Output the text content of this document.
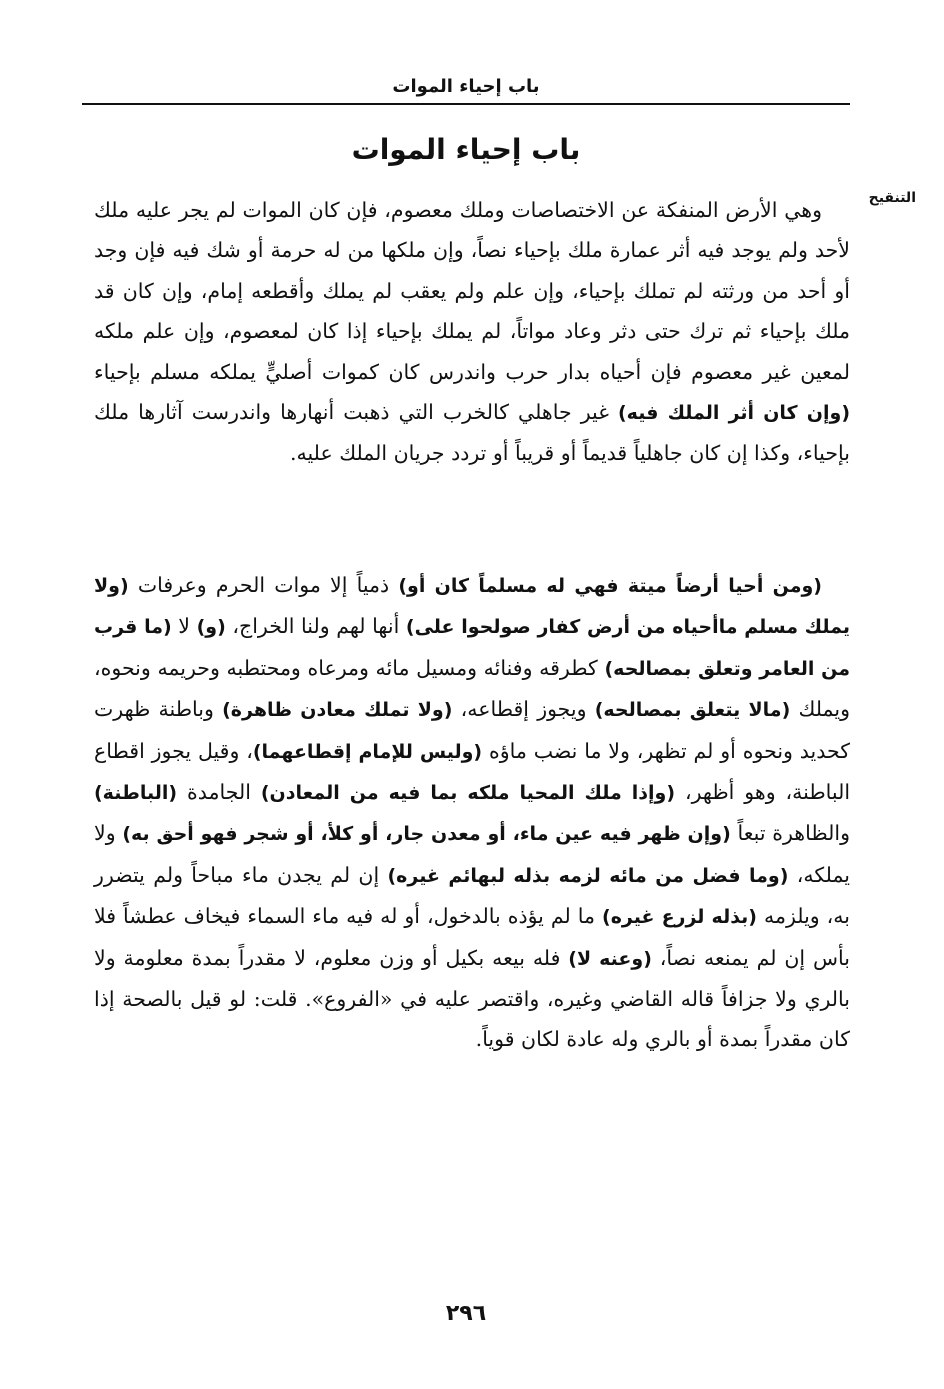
باب إحياء الموات
باب إحياء الموات
التنقيح
وهي الأرض المنفكة عن الاختصاصات وملك معصوم، فإن كان الموات لم يجر عليه ملك لأحد ولم يوجد فيه أثر عمارة ملك بإحياء نصاً، وإن ملكها من له حرمة أو شك فيه فإن وجد أو أحد من ورثته لم تملك بإحياء، وإن علم ولم يعقب لم يملك وأقطعه إمام، وإن كان قد ملك بإحياء ثم ترك حتى دثر وعاد مواتاً، لم يملك بإحياء إذا كان لمعصوم، وإن علم ملكه لمعين غير معصوم فإن أحياه بدار حرب واندرس كان كموات أصليٍّ يملكه مسلم بإحياء (وإن كان أثر الملك فيه) غير جاهلي كالخرب التي ذهبت أنهارها واندرست آثارها ملك بإحياء، وكذا إن كان جاهلياً قديماً أو قريباً أو تردد جريان الملك عليه.
(ومن أحيا أرضاً ميتة فهي له مسلماً كان أو) ذمياً إلا موات الحرم وعرفات (ولا يملك مسلم ماأحياه من أرض كفار صولحوا على) أنها لهم ولنا الخراج، (و) لا (ما قرب من العامر وتعلق بمصالحه) كطرقه وفنائه ومسيل مائه ومرعاه ومحتطبه وحريمه ونحوه، ويملك (مالا يتعلق بمصالحه) ويجوز إقطاعه، (ولا تملك معادن ظاهرة) وباطنة ظهرت كحديد ونحوه أو لم تظهر، ولا ما نضب ماؤه (وليس للإمام إقطاعهما)، وقيل يجوز اقطاع الباطنة، وهو أظهر، (وإذا ملك المحيا ملكه بما فيه من المعادن) الجامدة (الباطنة) والظاهرة تبعاً (وإن ظهر فيه عين ماء، أو معدن جار، أو كلأ، أو شجر فهو أحق به) ولا يملكه، (وما فضل من مائه لزمه بذله لبهائم غيره) إن لم يجدن ماء مباحاً ولم يتضرر به، ويلزمه (بذله لزرع غيره) ما لم يؤذه بالدخول، أو له فيه ماء السماء فيخاف عطشاً فلا بأس إن لم يمنعه نصاً، (وعنه لا) فله بيعه بكيل أو وزن معلوم، لا مقدراً بمدة معلومة ولا بالري ولا جزافاً قاله القاضي وغيره، واقتصر عليه في «الفروع». قلت: لو قيل بالصحة إذا كان مقدراً بمدة أو بالري وله عادة لكان قوياً.
٢٩٦
